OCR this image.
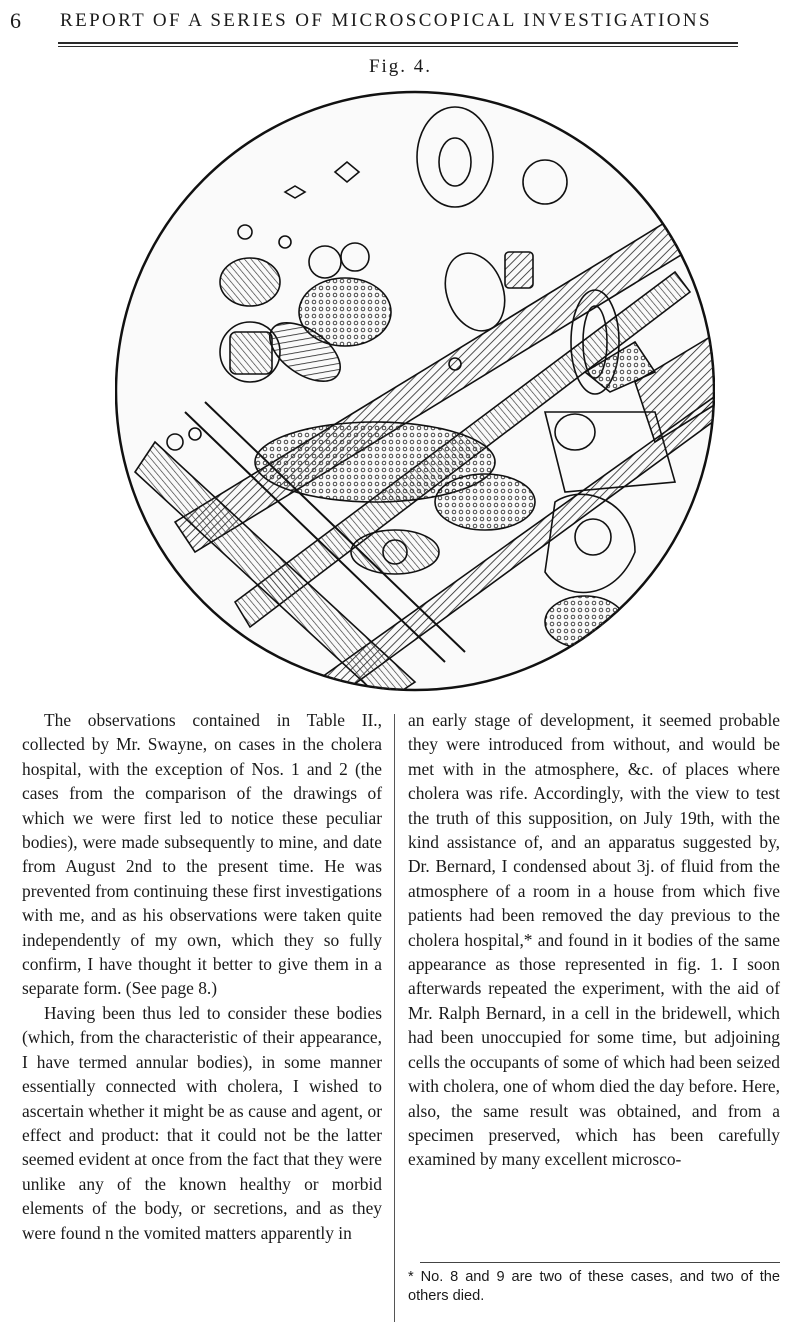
6 REPORT OF A SERIES OF MICROSCOPICAL INVESTIGATIONS
Fig. 4.

The observations contained in Table II., collected by Mr. Swayne, on cases in the cholera hospital, with the exception of Nos. 1 and 2 (the cases from the comparison of the drawings of which we were first led to notice these peculiar bodies), were made subsequently to mine, and date from August 2nd to the present time. He was prevented from continuing these first investigations with me, and as his observations were taken quite independently of my own, which they so fully confirm, I have thought it better to give them in a separate form. (See page 8.)

Having been thus led to consider these bodies (which, from the characteristic of their appearance, I have termed annular bodies), in some manner essentially connected with cholera, I wished to ascertain whether it might be as cause and agent, or effect and product: that it could not be the latter seemed evident at once from the fact that they were unlike any of the known healthy or morbid elements of the body, or secretions, and as they were found n the vomited matters apparently in

an early stage of development, it seemed probable they were introduced from without, and would be met with in the atmosphere, &c. of places where cholera was rife. Accordingly, with the view to test the truth of this supposition, on July 19th, with the kind assistance of, and an apparatus suggested by, Dr. Bernard, I condensed about 3j. of fluid from the atmosphere of a room in a house from which five patients had been removed the day previous to the cholera hospital,* and found in it bodies of the same appearance as those represented in fig. 1. I soon afterwards repeated the experiment, with the aid of Mr. Ralph Bernard, in a cell in the bridewell, which had been unoccupied for some time, but adjoining cells the occupants of some of which had been seized with cholera, one of whom died the day before. Here, also, the same result was obtained, and from a specimen preserved, which has been carefully examined by many excellent microsco-

* No. 8 and 9 are two of these cases, and two of the others died.
